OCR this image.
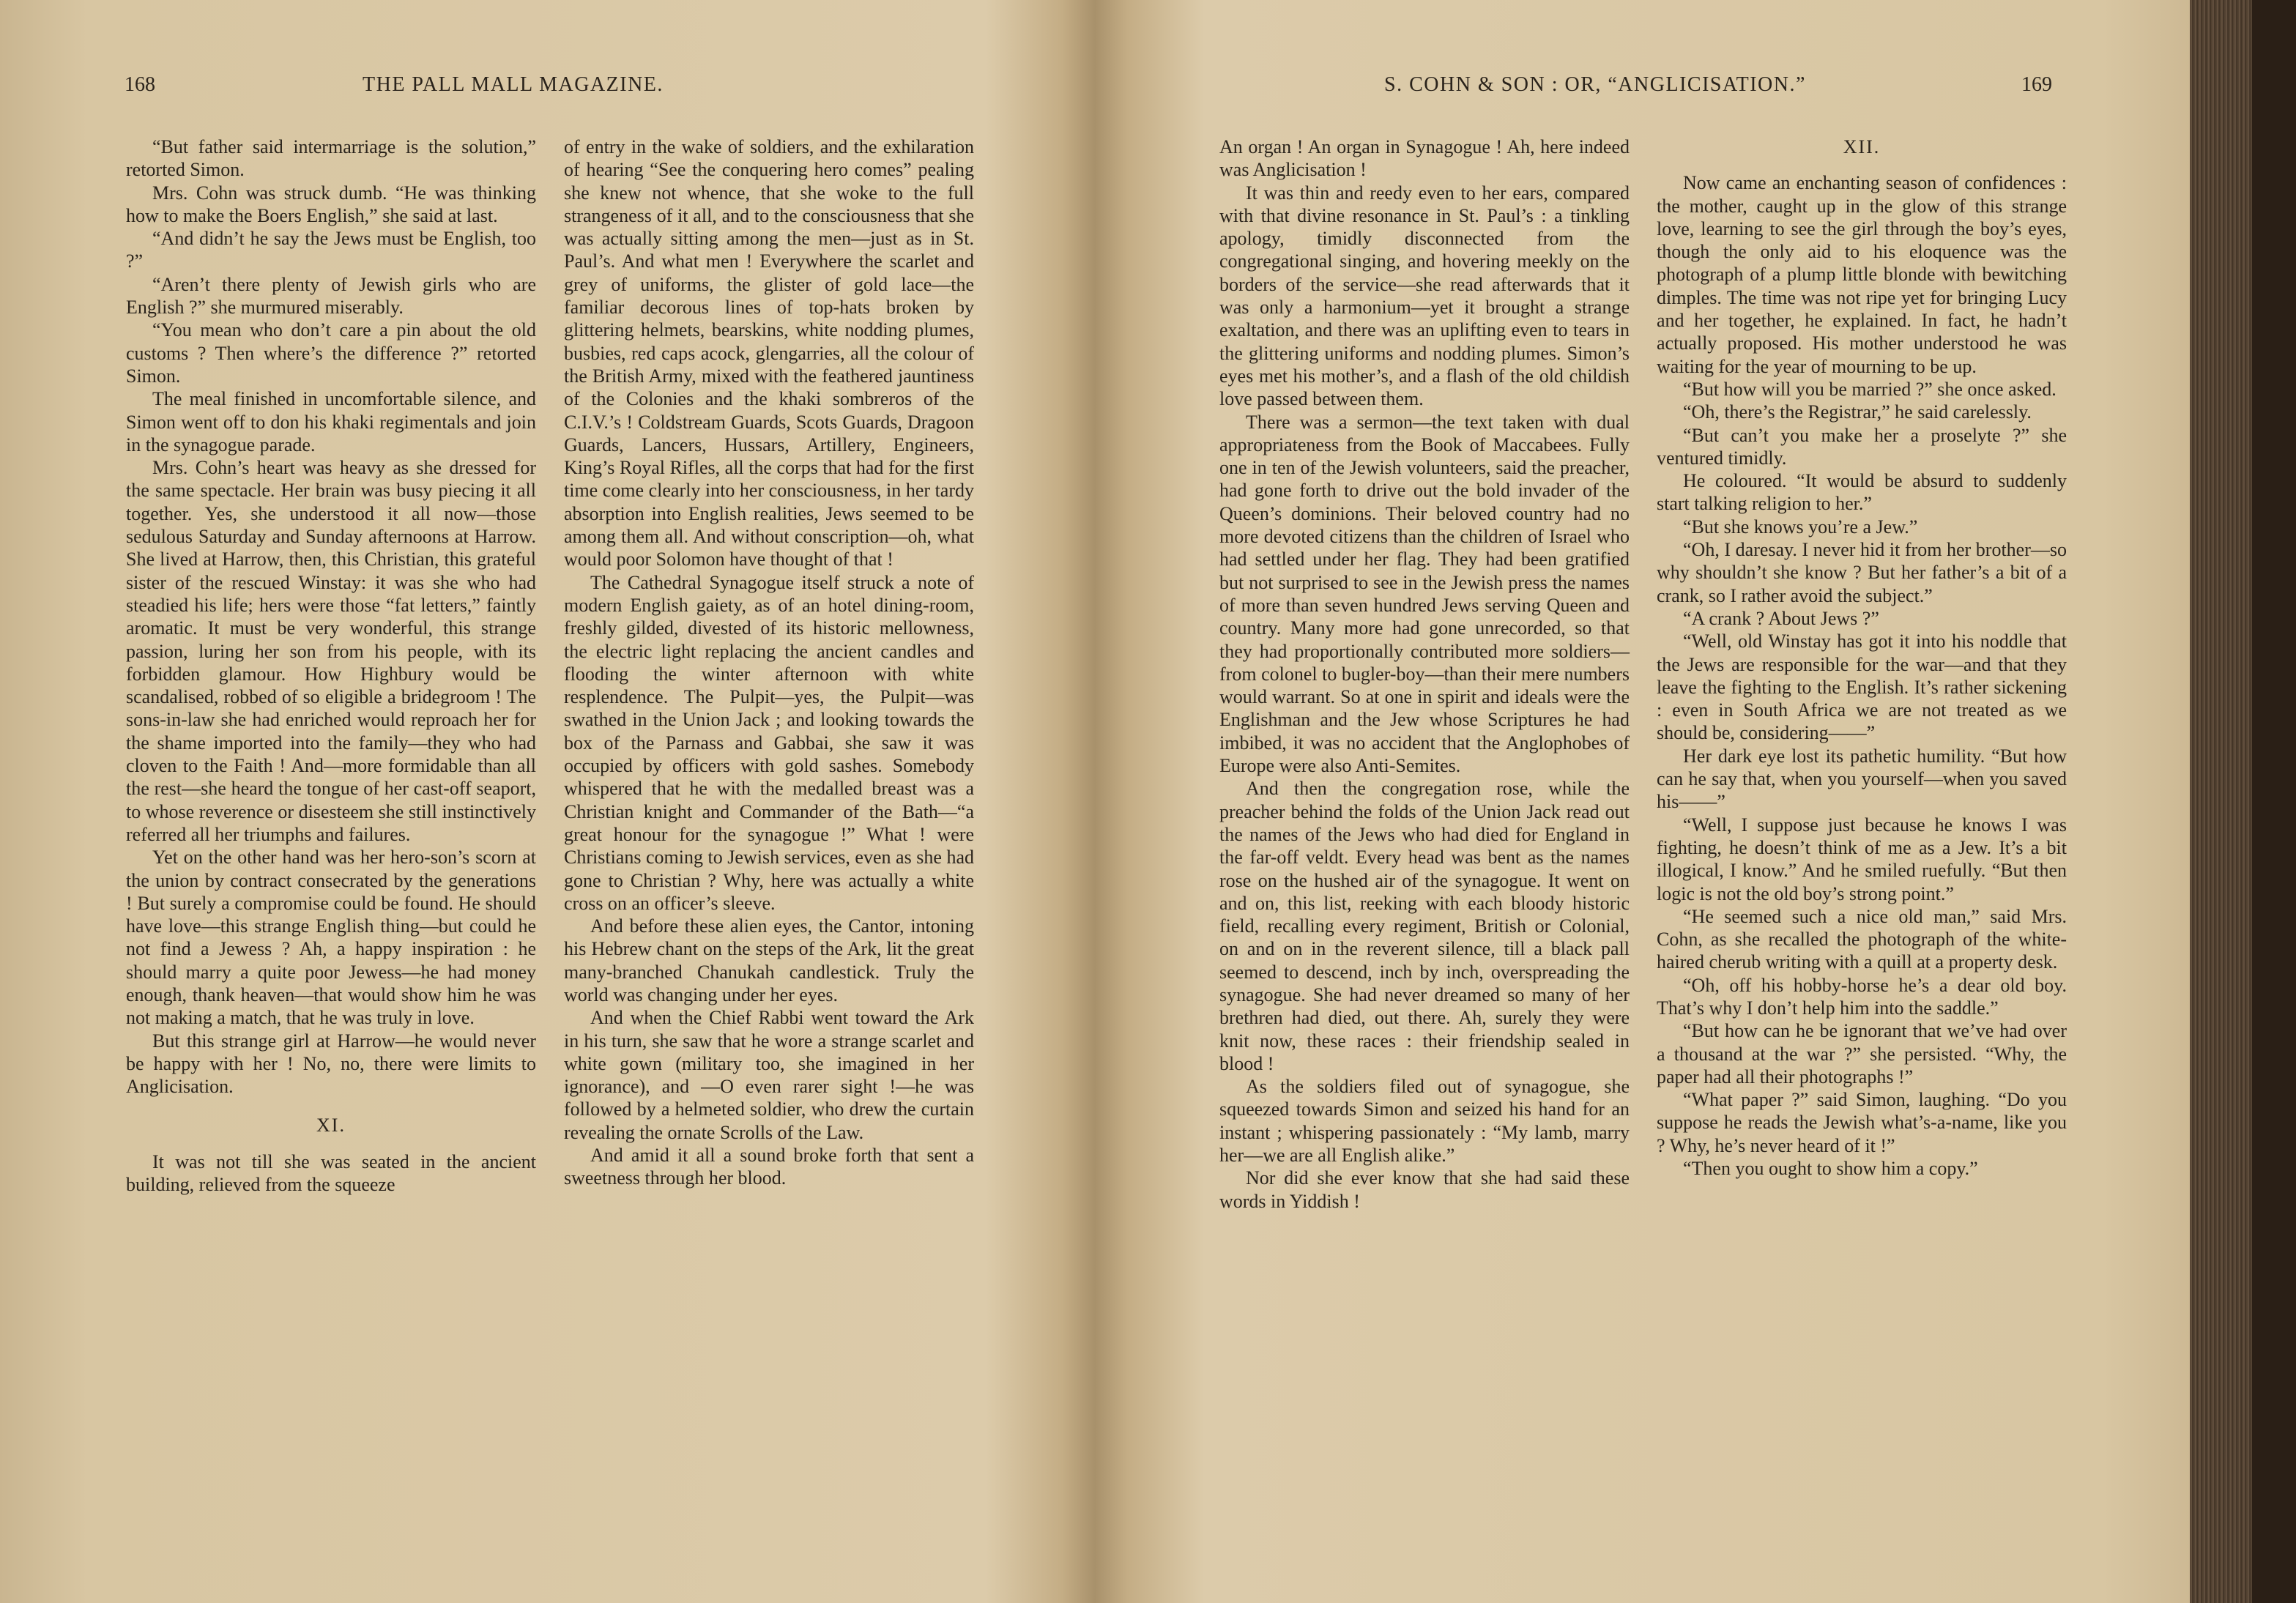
168	THE PALL MALL MAGAZINE.

“But father said intermarriage is the solution,” retorted Simon.

Mrs. Cohn was struck dumb. “He was thinking how to make the Boers English,” she said at last.

“And didn’t he say the Jews must be English, too ?”

“Aren’t there plenty of Jewish girls who are English ?” she murmured miserably.

“You mean who don’t care a pin about the old customs ? Then where’s the difference ?” retorted Simon.

The meal finished in uncomfortable silence, and Simon went off to don his khaki regimentals and join in the synagogue parade.

Mrs. Cohn’s heart was heavy as she dressed for the same spectacle. Her brain was busy piecing it all together. Yes, she understood it all now—those sedulous Saturday and Sunday afternoons at Harrow. She lived at Harrow, then, this Christian, this grateful sister of the rescued Winstay: it was she who had steadied his life; hers were those “fat letters,” faintly aromatic. It must be very wonderful, this strange passion, luring her son from his people, with its forbidden glamour. How Highbury would be scandalised, robbed of so eligible a bridegroom ! The sons-in-law she had enriched would reproach her for the shame imported into the family—they who had cloven to the Faith ! And—more formidable than all the rest—she heard the tongue of her cast-off seaport, to whose reverence or disesteem she still instinctively referred all her triumphs and failures.

Yet on the other hand was her hero-son’s scorn at the union by contract consecrated by the generations ! But surely a compromise could be found. He should have love—this strange English thing—but could he not find a Jewess ? Ah, a happy inspiration : he should marry a quite poor Jewess—he had money enough, thank heaven—that would show him he was not making a match, that he was truly in love.

But this strange girl at Harrow—he would never be happy with her ! No, no, there were limits to Anglicisation.

XI.

It was not till she was seated in the ancient building, relieved from the squeeze

of entry in the wake of soldiers, and the exhilaration of hearing “See the conquering hero comes” pealing she knew not whence, that she woke to the full strangeness of it all, and to the consciousness that she was actually sitting among the men—just as in St. Paul’s. And what men ! Everywhere the scarlet and grey of uniforms, the glister of gold lace—the familiar decorous lines of top-hats broken by glittering helmets, bearskins, white nodding plumes, busbies, red caps acock, glengarries, all the colour of the British Army, mixed with the feathered jauntiness of the Colonies and the khaki sombreros of the C.I.V.’s ! Coldstream Guards, Scots Guards, Dragoon Guards, Lancers, Hussars, Artillery, Engineers, King’s Royal Rifles, all the corps that had for the first time come clearly into her consciousness, in her tardy absorption into English realities, Jews seemed to be among them all. And without conscription—oh, what would poor Solomon have thought of that !

The Cathedral Synagogue itself struck a note of modern English gaiety, as of an hotel dining-room, freshly gilded, divested of its historic mellowness, the electric light replacing the ancient candles and flooding the winter afternoon with white resplendence. The Pulpit—yes, the Pulpit—was swathed in the Union Jack ; and looking towards the box of the Parnass and Gabbai, she saw it was occupied by officers with gold sashes. Somebody whispered that he with the medalled breast was a Christian knight and Commander of the Bath—“a great honour for the synagogue !” What ! were Christians coming to Jewish services, even as she had gone to Christian ? Why, here was actually a white cross on an officer’s sleeve.

And before these alien eyes, the Cantor, intoning his Hebrew chant on the steps of the Ark, lit the great many-branched Chanukah candlestick. Truly the world was changing under her eyes.

And when the Chief Rabbi went toward the Ark in his turn, she saw that he wore a strange scarlet and white gown (military too, she imagined in her ignorance), and —O even rarer sight !—he was followed by a helmeted soldier, who drew the curtain revealing the ornate Scrolls of the Law.

And amid it all a sound broke forth that sent a sweetness through her blood.

S. COHN & SON : OR, “ANGLICISATION.”	169

An organ ! An organ in Synagogue ! Ah, here indeed was Anglicisation !

It was thin and reedy even to her ears, compared with that divine resonance in St. Paul’s : a tinkling apology, timidly disconnected from the congregational singing, and hovering meekly on the borders of the service—she read afterwards that it was only a harmonium—yet it brought a strange exaltation, and there was an uplifting even to tears in the glittering uniforms and nodding plumes. Simon’s eyes met his mother’s, and a flash of the old childish love passed between them.

There was a sermon—the text taken with dual appropriateness from the Book of Maccabees. Fully one in ten of the Jewish volunteers, said the preacher, had gone forth to drive out the bold invader of the Queen’s dominions. Their beloved country had no more devoted citizens than the children of Israel who had settled under her flag. They had been gratified but not surprised to see in the Jewish press the names of more than seven hundred Jews serving Queen and country. Many more had gone unrecorded, so that they had proportionally contributed more soldiers—from colonel to bugler-boy—than their mere numbers would warrant. So at one in spirit and ideals were the Englishman and the Jew whose Scriptures he had imbibed, it was no accident that the Anglophobes of Europe were also Anti-Semites.

And then the congregation rose, while the preacher behind the folds of the Union Jack read out the names of the Jews who had died for England in the far-off veldt. Every head was bent as the names rose on the hushed air of the synagogue. It went on and on, this list, reeking with each bloody historic field, recalling every regiment, British or Colonial, on and on in the reverent silence, till a black pall seemed to descend, inch by inch, overspreading the synagogue. She had never dreamed so many of her brethren had died, out there. Ah, surely they were knit now, these races : their friendship sealed in blood !

As the soldiers filed out of synagogue, she squeezed towards Simon and seized his hand for an instant ; whispering passionately : “My lamb, marry her—we are all English alike.”

Nor did she ever know that she had said these words in Yiddish !

XII.

Now came an enchanting season of confidences : the mother, caught up in the glow of this strange love, learning to see the girl through the boy’s eyes, though the only aid to his eloquence was the photograph of a plump little blonde with bewitching dimples. The time was not ripe yet for bringing Lucy and her together, he explained. In fact, he hadn’t actually proposed. His mother understood he was waiting for the year of mourning to be up.

“But how will you be married ?” she once asked.

“Oh, there’s the Registrar,” he said carelessly.

“But can’t you make her a proselyte ?” she ventured timidly.

He coloured. “It would be absurd to suddenly start talking religion to her.”

“But she knows you’re a Jew.”

“Oh, I daresay. I never hid it from her brother—so why shouldn’t she know ? But her father’s a bit of a crank, so I rather avoid the subject.”

“A crank ? About Jews ?”

“Well, old Winstay has got it into his noddle that the Jews are responsible for the war—and that they leave the fighting to the English. It’s rather sickening : even in South Africa we are not treated as we should be, considering——”

Her dark eye lost its pathetic humility. “But how can he say that, when you yourself—when you saved his——”

“Well, I suppose just because he knows I was fighting, he doesn’t think of me as a Jew. It’s a bit illogical, I know.” And he smiled ruefully. “But then logic is not the old boy’s strong point.”

“He seemed such a nice old man,” said Mrs. Cohn, as she recalled the photograph of the white-haired cherub writing with a quill at a property desk.

“Oh, off his hobby-horse he’s a dear old boy. That’s why I don’t help him into the saddle.”

“But how can he be ignorant that we’ve had over a thousand at the war ?” she persisted. “Why, the paper had all their photographs !”

“What paper ?” said Simon, laughing. “Do you suppose he reads the Jewish what’s-a-name, like you ? Why, he’s never heard of it !”

“Then you ought to show him a copy.”
